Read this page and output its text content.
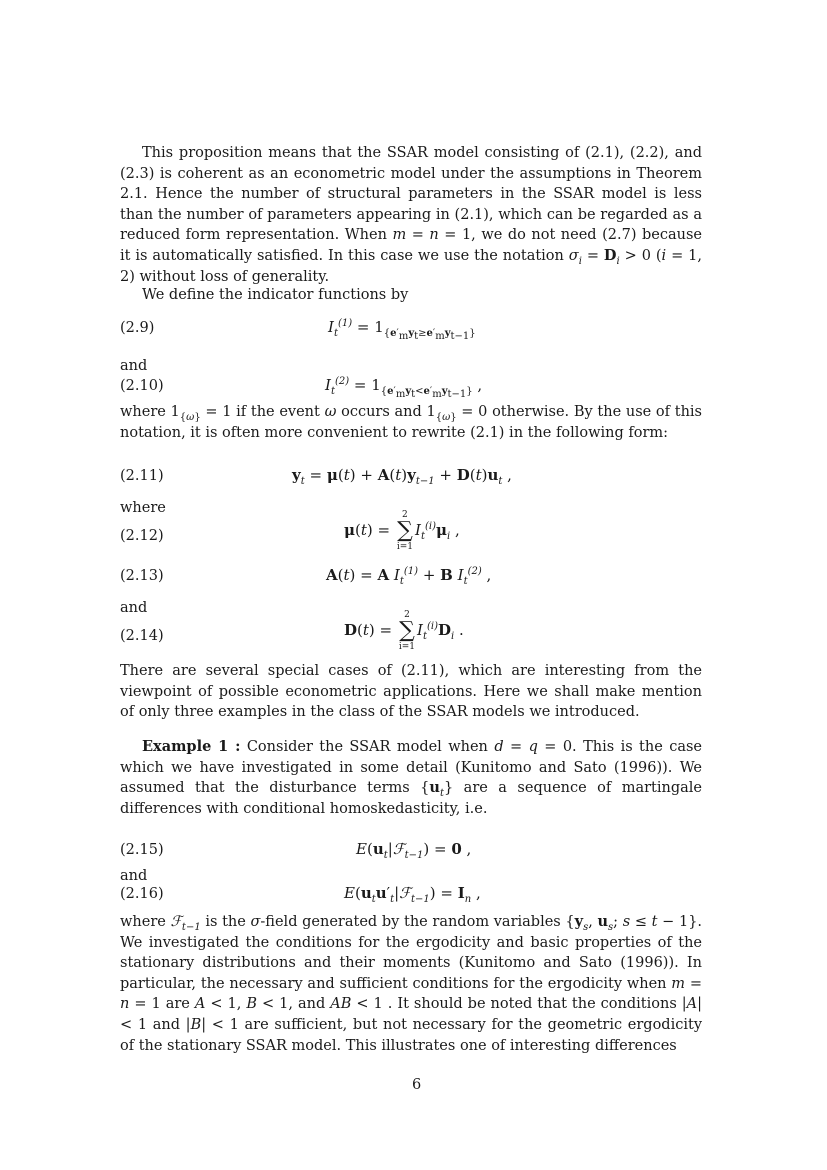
This proposition means that the SSAR model consisting of (2.1), (2.2), and (2.3) is coherent as an econometric model under the assumptions in Theorem 2.1. Hence the number of structural parameters in the SSAR model is less than the number of parameters appearing in (2.1), which can be regarded as a reduced form representation. When m = n = 1, we do not need (2.7) because it is automatically satisfied. In this case we use the notation $\sigma_i = D_i > 0$ (i = 1, 2) without loss of generality.

We define the indicator functions by

(2.9)	$I_t^{(1)} = 1_{\{e'_my_t\ge e'_my_{t-1}\}}$
and
(2.10)	$I_t^{(2)} = 1_{\{e'_my_t<e'_my_{t-1}\}}$ ,

where $1_{\{\omega\}} = 1$ if the event ω occurs and $1_{\{\omega\}} = 0$ otherwise. By the use of this notation, it is often more convenient to rewrite (2.1) in the following form:

(2.11)	$y_t = \mu(t) + A(t)y_{t-1} + D(t)u_t$ ,
where
(2.12)	μ(t) =
2
∑
i=1
$I_t^{(i)}\mu_i$ ,
(2.13)	A(t) = A $I_t^{(1)} + B$ $I_t^{(2)}$ ,
and
(2.14)	D(t) =
2
∑
i=1
$I_t^{(i)}D_i$ .

There are several special cases of (2.11), which are interesting from the viewpoint of possible econometric applications. Here we shall make mention of only three examples in the class of the SSAR models we introduced.

Example 1 : Consider the SSAR model when d = q = 0. This is the case which we have investigated in some detail (Kunitomo and Sato (1996)). We assumed that the disturbance terms $\{u_t\}$ are a sequence of martingale differences with conditional homoskedasticity, i.e.

(2.15)	$E(u_t|ℱ_{t-1}) = 0$ ,
and
(2.16)	$E(u_tu'_t|ℱ_{t-1}) = I_n$ ,

where ℱ$_{t-1}$ is the σ-field generated by the random variables {$y_s$, $u_s$; s ≤ t − 1}. We investigated the conditions for the ergodicity and basic properties of the stationary distributions and their moments (Kunitomo and Sato (1996)). In particular, the necessary and sufficient conditions for the ergodicity when m = n = 1 are A < 1, B < 1, and AB < 1 . It should be noted that the conditions |A| < 1 and |B| < 1 are sufficient, but not necessary for the geometric ergodicity of the stationary SSAR model. This illustrates one of interesting differences

6
